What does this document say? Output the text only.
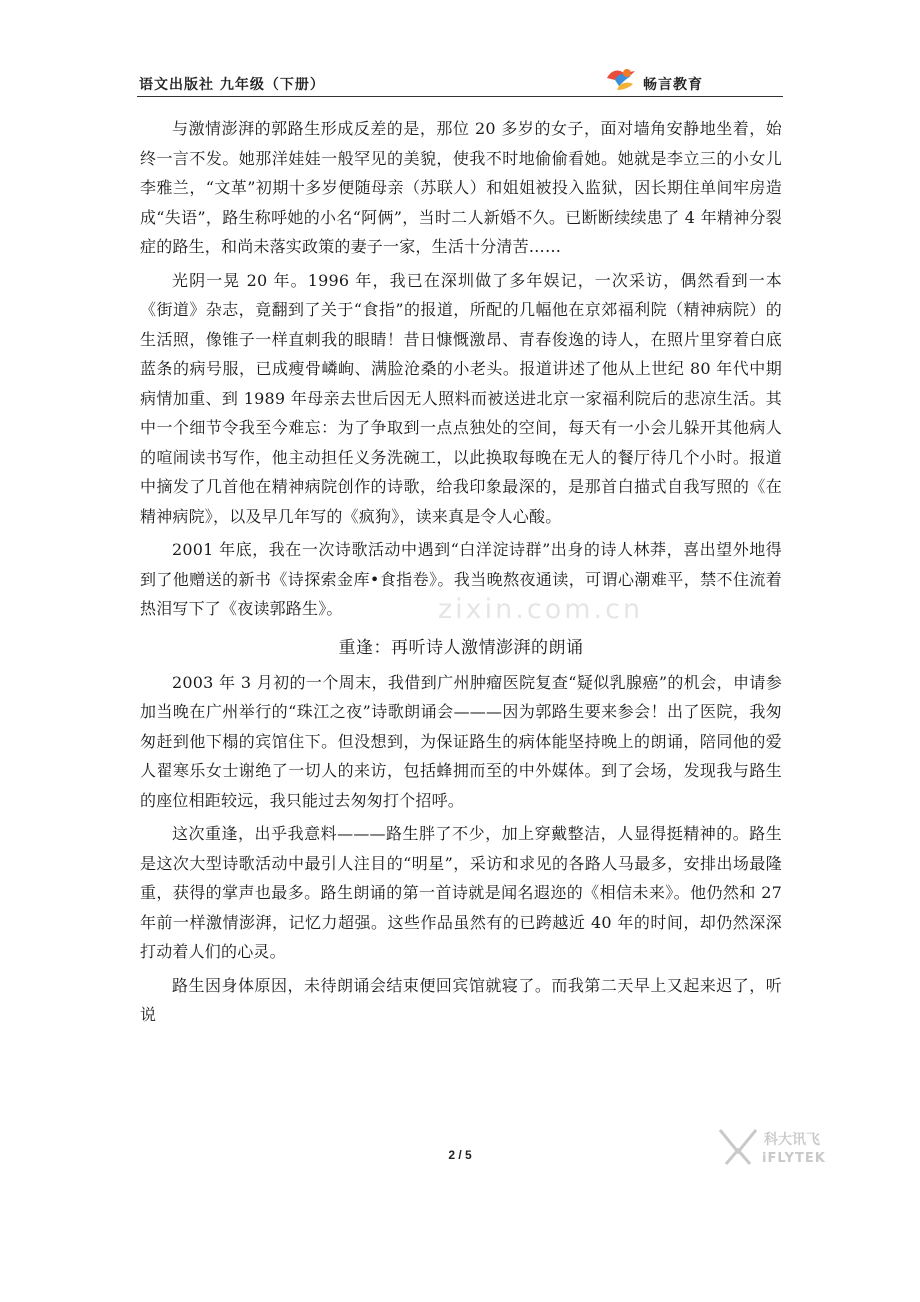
语文出版社 九年级（下册）	畅言教育

与激情澎湃的郭路生形成反差的是，那位 20 多岁的女子，面对墙角安静地坐着，始终一言不发。她那洋娃娃一般罕见的美貌，使我不时地偷偷看她。她就是李立三的小女儿李雅兰，“文革”初期十多岁便随母亲（苏联人）和姐姐被投入监狱，因长期住单间牢房造成“失语”，路生称呼她的小名“阿俩”，当时二人新婚不久。已断断续续患了 4 年精神分裂症的路生，和尚未落实政策的妻子一家，生活十分清苦……

光阴一晃 20 年。1996 年，我已在深圳做了多年娱记，一次采访，偶然看到一本《街道》杂志，竟翻到了关于“食指”的报道，所配的几幅他在京郊福利院（精神病院）的生活照，像锥子一样直刺我的眼睛！昔日慷慨激昂、青春俊逸的诗人，在照片里穿着白底蓝条的病号服，已成瘦骨嶙峋、满脸沧桑的小老头。报道讲述了他从上世纪 80 年代中期病情加重、到 1989 年母亲去世后因无人照料而被送进北京一家福利院后的悲凉生活。其中一个细节令我至今难忘：为了争取到一点点独处的空间，每天有一小会儿躲开其他病人的喧闹读书写作，他主动担任义务洗碗工，以此换取每晚在无人的餐厅待几个小时。报道中摘发了几首他在精神病院创作的诗歌，给我印象最深的，是那首白描式自我写照的《在精神病院》，以及早几年写的《疯狗》，读来真是令人心酸。

2001 年底，我在一次诗歌活动中遇到“白洋淀诗群”出身的诗人林莽，喜出望外地得到了他赠送的新书《诗探索金库•食指卷》。我当晚熬夜通读，可谓心潮难平，禁不住流着热泪写下了《夜读郭路生》。

重逢：再听诗人激情澎湃的朗诵

2003 年 3 月初的一个周末，我借到广州肿瘤医院复查“疑似乳腺癌”的机会，申请参加当晚在广州举行的“珠江之夜”诗歌朗诵会———因为郭路生要来参会！出了医院，我匆匆赶到他下榻的宾馆住下。但没想到，为保证路生的病体能坚持晚上的朗诵，陪同他的爱人翟寒乐女士谢绝了一切人的来访，包括蜂拥而至的中外媒体。到了会场，发现我与路生的座位相距较远，我只能过去匆匆打个招呼。

这次重逢，出乎我意料———路生胖了不少，加上穿戴整洁，人显得挺精神的。路生是这次大型诗歌活动中最引人注目的“明星”，采访和求见的各路人马最多，安排出场最隆重，获得的掌声也最多。路生朗诵的第一首诗就是闻名遐迩的《相信未来》。他仍然和 27 年前一样激情澎湃，记忆力超强。这些作品虽然有的已跨越近 40 年的时间，却仍然深深打动着人们的心灵。

路生因身体原因，未待朗诵会结束便回宾馆就寝了。而我第二天早上又起来迟了，听说

zixin.com.cn
2 / 5
科大讯飞
iFLYTEK
